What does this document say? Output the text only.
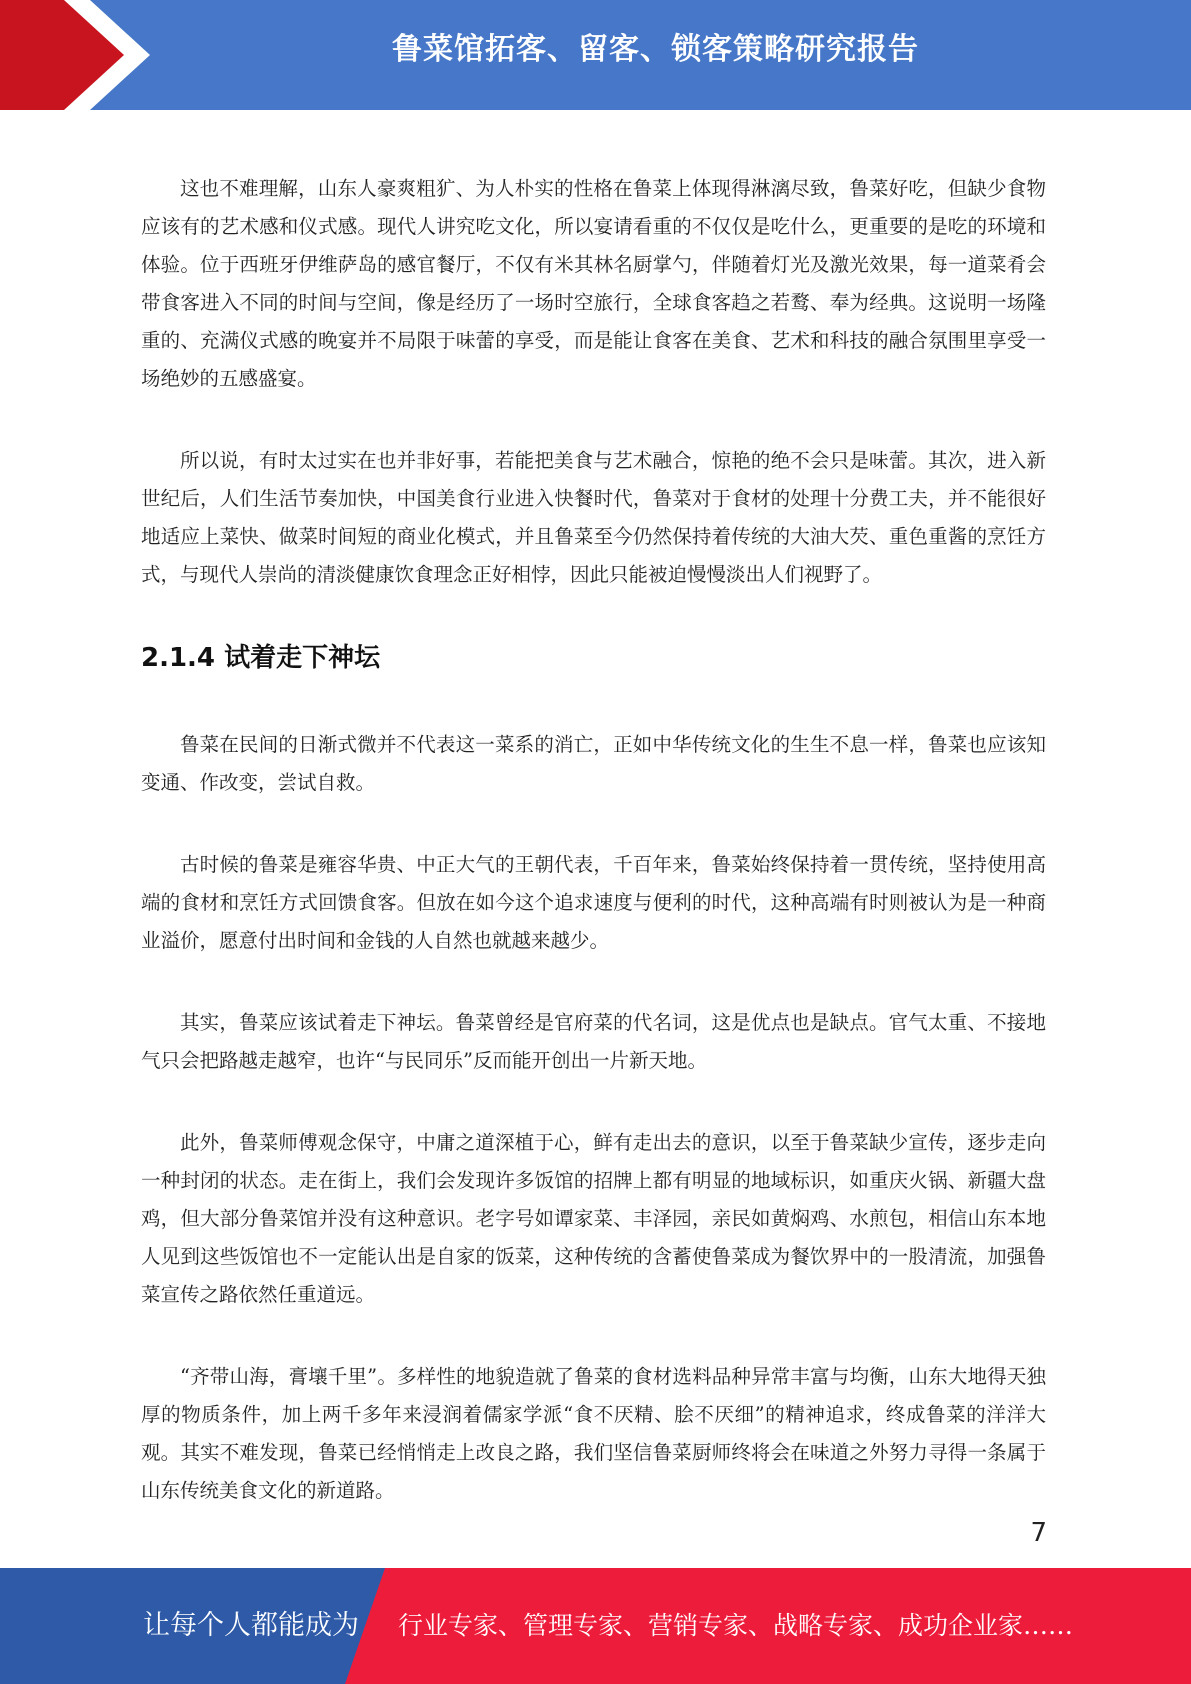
鲁菜馆拓客、留客、锁客策略研究报告

这也不难理解，山东人豪爽粗犷、为人朴实的性格在鲁菜上体现得淋漓尽致，鲁菜好吃，但缺少食物应该有的艺术感和仪式感。现代人讲究吃文化，所以宴请看重的不仅仅是吃什么，更重要的是吃的环境和体验。位于西班牙伊维萨岛的感官餐厅，不仅有米其林名厨掌勺，伴随着灯光及激光效果，每一道菜肴会带食客进入不同的时间与空间，像是经历了一场时空旅行，全球食客趋之若鹜、奉为经典。这说明一场隆重的、充满仪式感的晚宴并不局限于味蕾的享受，而是能让食客在美食、艺术和科技的融合氛围里享受一场绝妙的五感盛宴。

所以说，有时太过实在也并非好事，若能把美食与艺术融合，惊艳的绝不会只是味蕾。其次，进入新世纪后，人们生活节奏加快，中国美食行业进入快餐时代，鲁菜对于食材的处理十分费工夫，并不能很好地适应上菜快、做菜时间短的商业化模式，并且鲁菜至今仍然保持着传统的大油大芡、重色重酱的烹饪方式，与现代人崇尚的清淡健康饮食理念正好相悖，因此只能被迫慢慢淡出人们视野了。

2.1.4 试着走下神坛

鲁菜在民间的日渐式微并不代表这一菜系的消亡，正如中华传统文化的生生不息一样，鲁菜也应该知变通、作改变，尝试自救。

古时候的鲁菜是雍容华贵、中正大气的王朝代表，千百年来，鲁菜始终保持着一贯传统，坚持使用高端的食材和烹饪方式回馈食客。但放在如今这个追求速度与便利的时代，这种高端有时则被认为是一种商业溢价，愿意付出时间和金钱的人自然也就越来越少。

其实，鲁菜应该试着走下神坛。鲁菜曾经是官府菜的代名词，这是优点也是缺点。官气太重、不接地气只会把路越走越窄，也许“与民同乐”反而能开创出一片新天地。

此外，鲁菜师傅观念保守，中庸之道深植于心，鲜有走出去的意识，以至于鲁菜缺少宣传，逐步走向一种封闭的状态。走在街上，我们会发现许多饭馆的招牌上都有明显的地域标识，如重庆火锅、新疆大盘鸡，但大部分鲁菜馆并没有这种意识。老字号如谭家菜、丰泽园，亲民如黄焖鸡、水煎包，相信山东本地人见到这些饭馆也不一定能认出是自家的饭菜，这种传统的含蓄使鲁菜成为餐饮界中的一股清流，加强鲁菜宣传之路依然任重道远。

“齐带山海，膏壤千里”。多样性的地貌造就了鲁菜的食材选料品种异常丰富与均衡，山东大地得天独厚的物质条件，加上两千多年来浸润着儒家学派“食不厌精、脍不厌细”的精神追求，终成鲁菜的洋洋大观。其实不难发现，鲁菜已经悄悄走上改良之路，我们坚信鲁菜厨师终将会在味道之外努力寻得一条属于山东传统美食文化的新道路。

7
让每个人都能成为 行业专家、管理专家、营销专家、战略专家、成功企业家……
